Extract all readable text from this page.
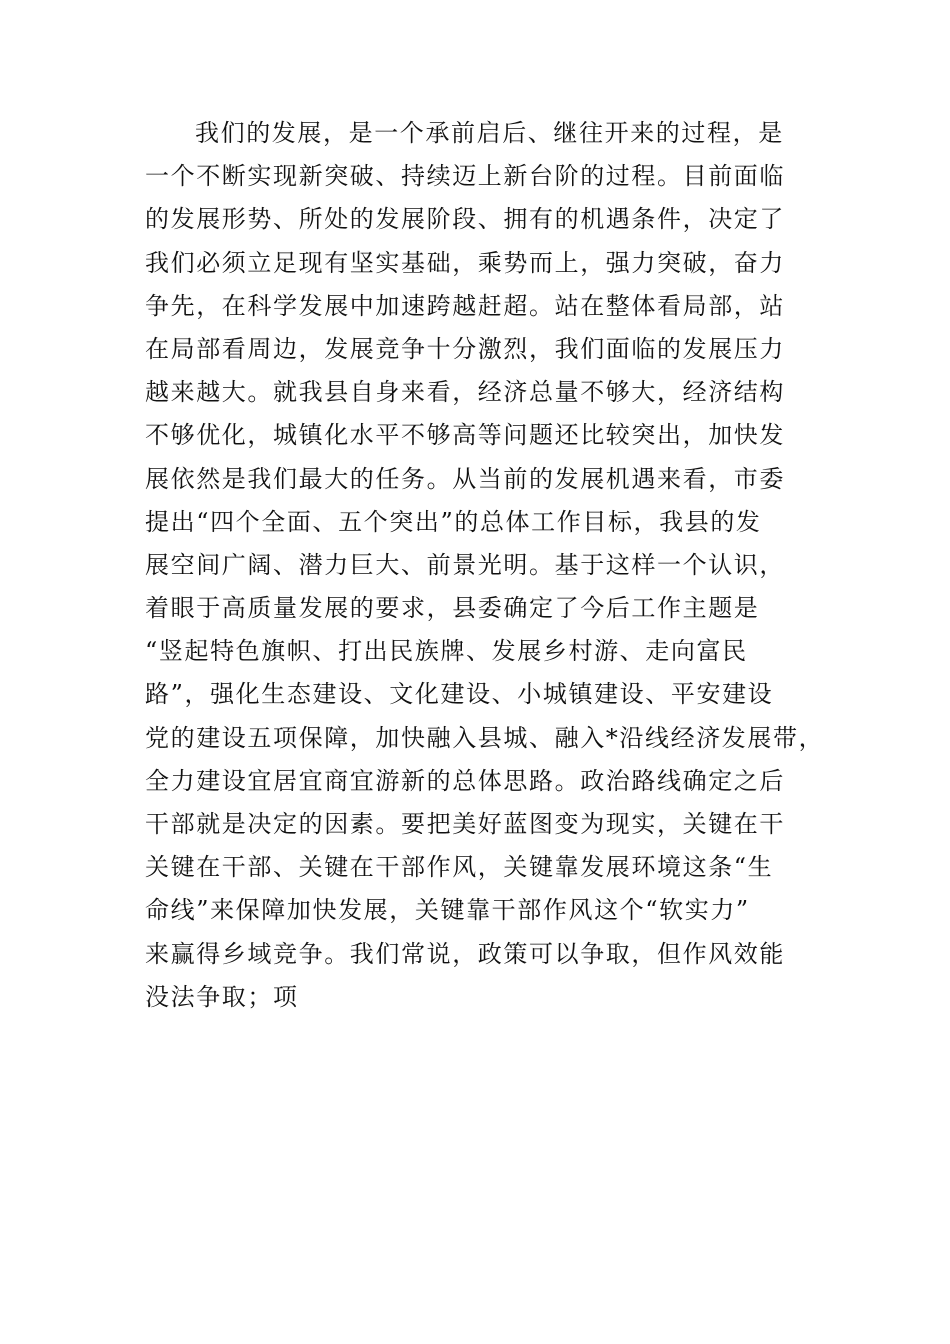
我们的发展，是一个承前启后、继往开来的过程，是
一个不断实现新突破、持续迈上新台阶的过程。目前面临
的发展形势、所处的发展阶段、拥有的机遇条件，决定了
我们必须立足现有坚实基础，乘势而上，强力突破，奋力
争先，在科学发展中加速跨越赶超。站在整体看局部，站
在局部看周边，发展竞争十分激烈，我们面临的发展压力
越来越大。就我县自身来看，经济总量不够大，经济结构
不够优化，城镇化水平不够高等问题还比较突出，加快发
展依然是我们最大的任务。从当前的发展机遇来看，市委
提出“四个全面、五个突出”的总体工作目标，我县的发
展空间广阔、潜力巨大、前景光明。基于这样一个认识，
着眼于高质量发展的要求，县委确定了今后工作主题是
“竖起特色旗帜、打出民族牌、发展乡村游、走向富民
路”，强化生态建设、文化建设、小城镇建设、平安建设
党的建设五项保障，加快融入县城、融入*沿线经济发展带，
全力建设宜居宜商宜游新的总体思路。政治路线确定之后
干部就是决定的因素。要把美好蓝图变为现实，关键在干
关键在干部、关键在干部作风，关键靠发展环境这条“生
命线”来保障加快发展，关键靠干部作风这个“软实力”
来赢得乡域竞争。我们常说，政策可以争取，但作风效能
没法争取；项
